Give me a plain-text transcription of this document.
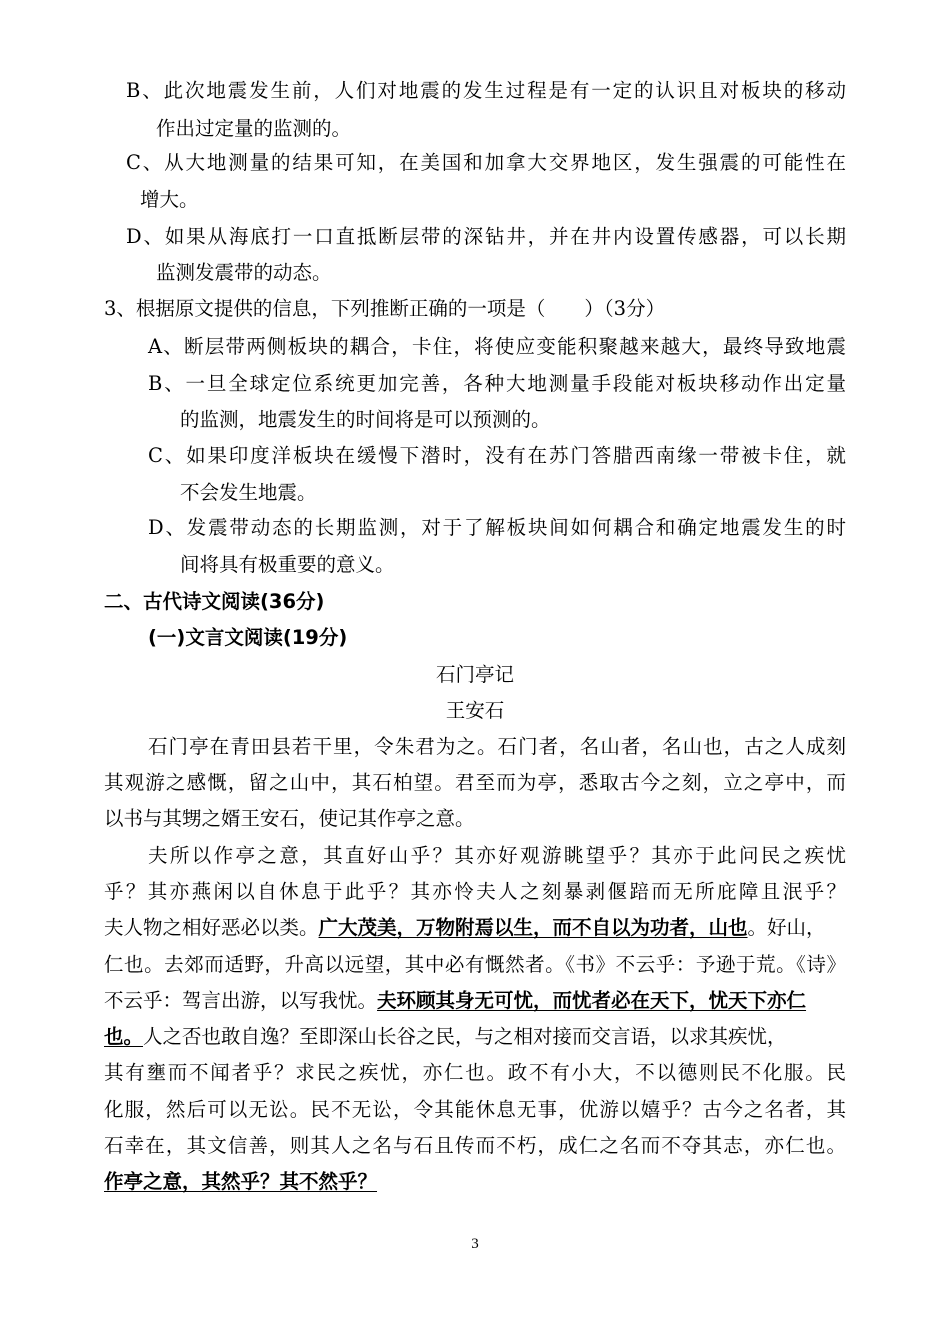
B、此次地震发生前，人们对地震的发生过程是有一定的认识且对板块的移动
作出过定量的监测的。
C、从大地测量的结果可知，在美国和加拿大交界地区，发生强震的可能性在
增大。
D、如果从海底打一口直抵断层带的深钻井，并在井内设置传感器，可以长期
监测发震带的动态。
3、根据原文提供的信息，下列推断正确的一项是（　　）（3分）
A、断层带两侧板块的耦合，卡住，将使应变能积聚越来越大，最终导致地震
B、一旦全球定位系统更加完善，各种大地测量手段能对板块移动作出定量
的监测，地震发生的时间将是可以预测的。
C、如果印度洋板块在缓慢下潜时，没有在苏门答腊西南缘一带被卡住，就
不会发生地震。
D、发震带动态的长期监测，对于了解板块间如何耦合和确定地震发生的时
间将具有极重要的意义。
二、古代诗文阅读(36分)
(一)文言文阅读(19分)
石门亭记
王安石
石门亭在青田县若干里，令朱君为之。石门者，名山者，名山也，古之人成刻
其观游之感慨，留之山中，其石柏望。君至而为亭，悉取古今之刻，立之亭中，而
以书与其甥之婿王安石，使记其作亭之意。
夫所以作亭之意，其直好山乎？其亦好观游眺望乎？其亦于此问民之疾忧
乎？其亦燕闲以自休息于此乎？其亦怜夫人之刻暴剥偃踣而无所庇障且泯乎？
夫人物之相好恶必以类。广大茂美，万物附焉以生，而不自以为功者，山也。好山，
仁也。去郊而适野，升高以远望，其中必有慨然者。《书》不云乎：予逊于荒。《诗》
不云乎：驾言出游，以写我忧。夫环顾其身无可忧，而忧者必在天下，忧天下亦仁
也。人之否也敢自逸？至即深山长谷之民，与之相对接而交言语，以求其疾忧，
其有壅而不闻者乎？求民之疾忧，亦仁也。政不有小大，不以德则民不化服。民
化服，然后可以无讼。民不无讼，令其能休息无事，优游以嬉乎？古今之名者，其
石幸在，其文信善，则其人之名与石且传而不朽，成仁之名而不夺其志，亦仁也。
作亭之意，其然乎？其不然乎？
3
